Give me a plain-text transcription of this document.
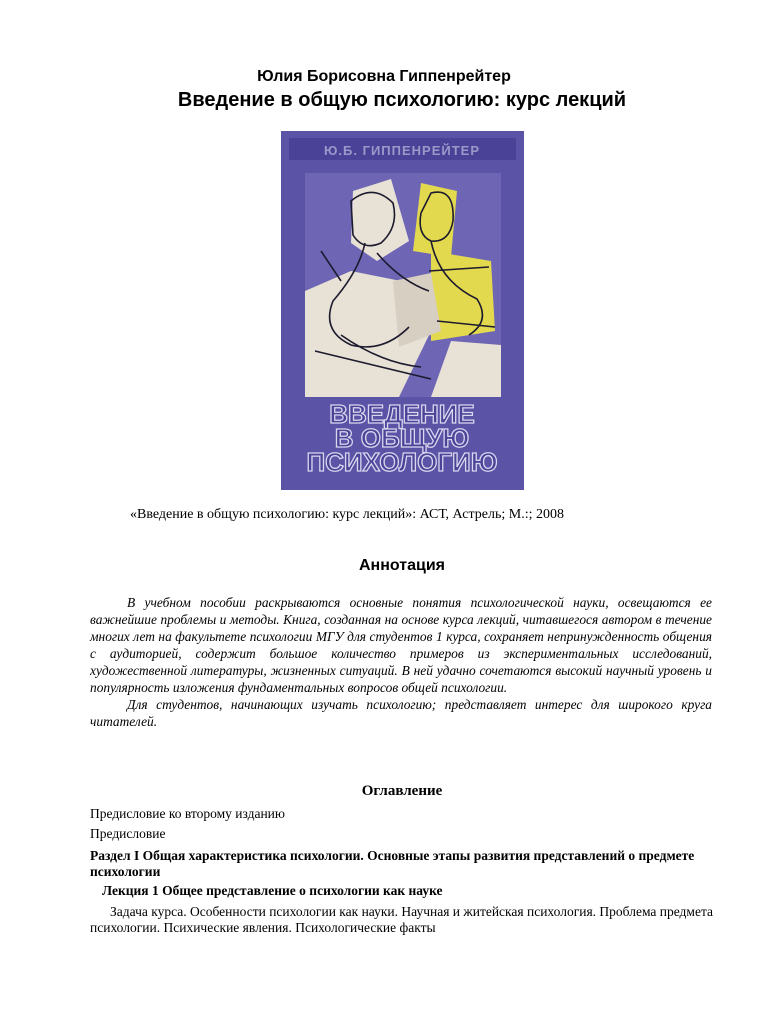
Юлия Борисовна Гиппенрейтер
Введение в общую психологию: курс лекций
Ю.Б. ГИППЕНРЕЙТЕР
ВВЕДЕНИЕ
В ОБЩУЮ
ПСИХОЛОГИЮ
«Введение в общую психологию: курс лекций»: АСТ, Астрель; М.:; 2008
Аннотация

В учебном пособии раскрываются основные понятия психологической науки, освещаются ее важнейшие проблемы и методы. Книга, созданная на основе курса лекций, читавшегося автором в течение многих лет на факультете психологии МГУ для студентов 1 курса, сохраняет непринужденность общения с аудиторией, содержит большое количество примеров из экспериментальных исследований, художественной литературы, жизненных ситуаций. В ней удачно сочетаются высокий научный уровень и популярность изложения фундаментальных вопросов общей психологии.

Для студентов, начинающих изучать психологию; представляет интерес для широкого круга читателей.

Оглавление
Предисловие ко второму изданию
Предисловие
Раздел I Общая характеристика психологии. Основные этапы развития представлений о предмете психологии
Лекция 1 Общее представление о психологии как науке
Задача курса. Особенности психологии как науки. Научная и житейская психология. Проблема предмета психологии. Психические явления. Психологические факты
